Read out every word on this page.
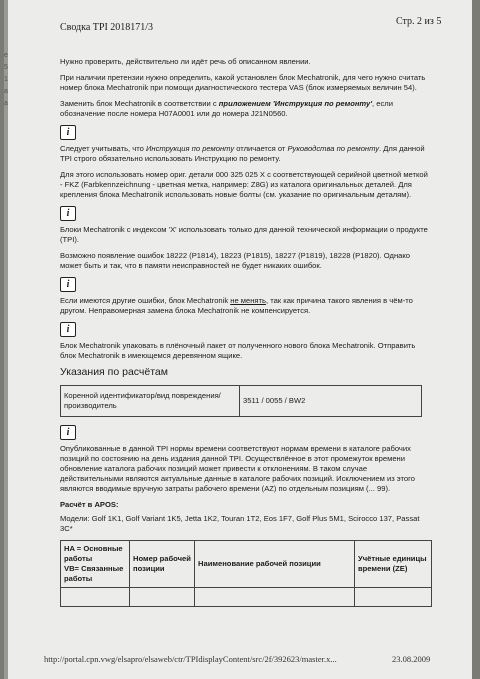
Сводка TPI 2018171/3
Стр. 2 из 5
e
5
1
a
a

Нужно проверить, действительно ли идёт речь об описанном явлении.

При наличии претензии нужно определить, какой установлен блок Mechatronik, для чего нужно считать номер блока Mechatronik при помощи диагностического тестера VAS (блок измеряемых величин 54).

Заменить блок Mechatronik в соответствии с приложением 'Инструкция по ремонту', если обозначение после номера H07A0001 или до номера J21N0560.

i

Следует учитывать, что Инструкция по ремонту отличается от Руководства по ремонту. Для данной TPI строго обязательно использовать Инструкцию по ремонту.

Для этого использовать номер ориг. детали 000 325 025 X с соответствующей серийной цветной меткой - FKZ (Farbkennzeichnung - цветная метка, например: Z8G) из каталога оригинальных деталей. Для крепления блока Mechatronik использовать новые болты (см. указание по оригинальным деталям).

i

Блоки Mechatronik с индексом 'X' использовать только для данной технической информации о продукте (TPI).

Возможно появление ошибок 18222 (P1814), 18223 (P1815), 18227 (P1819), 18228 (P1820). Однако может быть и так, что в памяти неисправностей не будет никаких ошибок.

i

Если имеются другие ошибки, блок Mechatronik не менять, так как причина такого явления в чём-то другом. Неправомерная замена блока Mechatronik не компенсируется.

i

Блок Mechatronik упаковать в плёночный пакет от полученного нового блока Mechatronik. Отправить блок Mechatronik в имеющемся деревянном ящике.

Указания по расчётам
Коренной идентификатор/вид повреждения/производитель	3511 / 0055 / BW2
i

Опубликованные в данной TPI нормы времени соответствуют нормам времени в каталоге рабочих позиций по состоянию на день издания данной TPI. Осуществлённое в этот промежуток времени обновление каталога рабочих позиций может привести к отклонениям. В таком случае действительными являются актуальные данные в каталоге рабочих позиций. Исключением из этого являются вводимые вручную затраты рабочего времени (AZ) по отдельным позициям (... 99).

Расчёт в APOS:

Модели: Golf 1K1, Golf Variant 1K5, Jetta 1K2, Touran 1T2, Eos 1F7, Golf Plus 5M1, Scirocco 137, Passat 3C*

HA = Основные работы
VB= Связанные работы	Номер рабочей позиции	Наименование рабочей позиции	Учётные единицы времени (ZE)

http://portal.cpn.vwg/elsapro/elsaweb/ctr/TPIdisplayContent/src/2f/392623/master.x...	23.08.2009
